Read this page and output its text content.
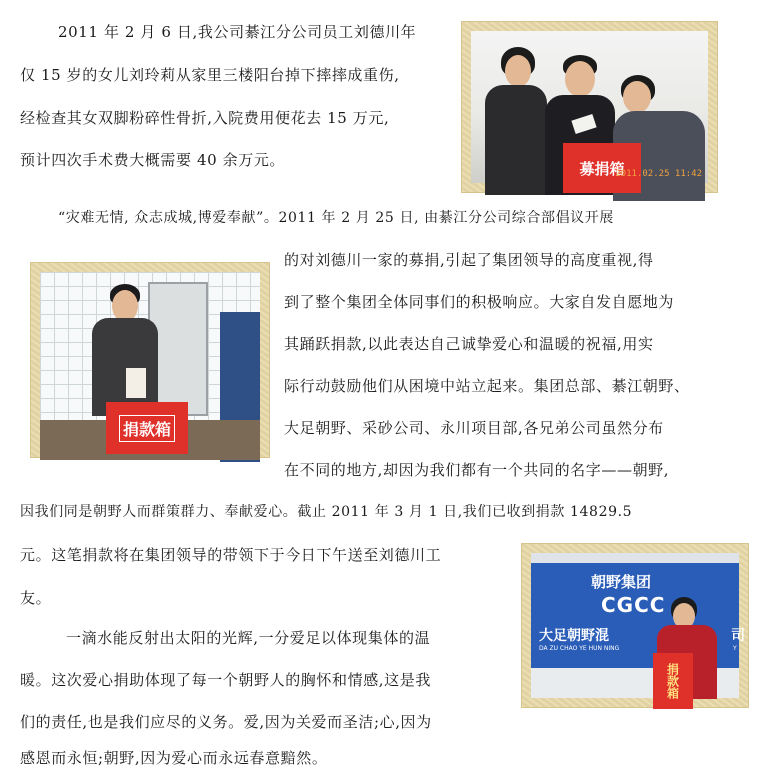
2011 年 2 月 6 日,我公司綦江分公司员工刘德川年
仅 15 岁的女儿刘玲莉从家里三楼阳台掉下摔摔成重伤,
经检查其女双脚粉碎性骨折,入院费用便花去 15 万元,
预计四次手术费大概需要 40 余万元。
“灾难无情, 众志成城,博爱奉献”。2011 年 2 月 25 日, 由綦江分公司综合部倡议开展
的对刘德川一家的募捐,引起了集团领导的高度重视,得
到了整个集团全体同事们的积极响应。大家自发自愿地为
其踊跃捐款,以此表达自己诚挚爱心和温暖的祝福,用实
际行动鼓励他们从困境中站立起来。集团总部、綦江朝野、
大足朝野、采砂公司、永川项目部,各兄弟公司虽然分布
在不同的地方,却因为我们都有一个共同的名字——朝野,
因我们同是朝野人而群策群力、奉献爱心。截止 2011 年 3 月 1 日,我们已收到捐款 14829.5
元。这笔捐款将在集团领导的带领下于今日下午送至刘德川工
友。
一滴水能反射出太阳的光辉,一分爱足以体现集体的温
暖。这次爱心捐助体现了每一个朝野人的胸怀和情感,这是我
们的责任,也是我们应尽的义务。爱,因为关爱而圣洁;心,因为
感恩而永恒;朝野,因为爱心而永远春意黯然。
募捐箱
2011.02.25 11:42
捐款箱
朝野集团
CGCC
大足朝野混	司
DA ZU CHAO YE HUN NING	Y
捐款箱
